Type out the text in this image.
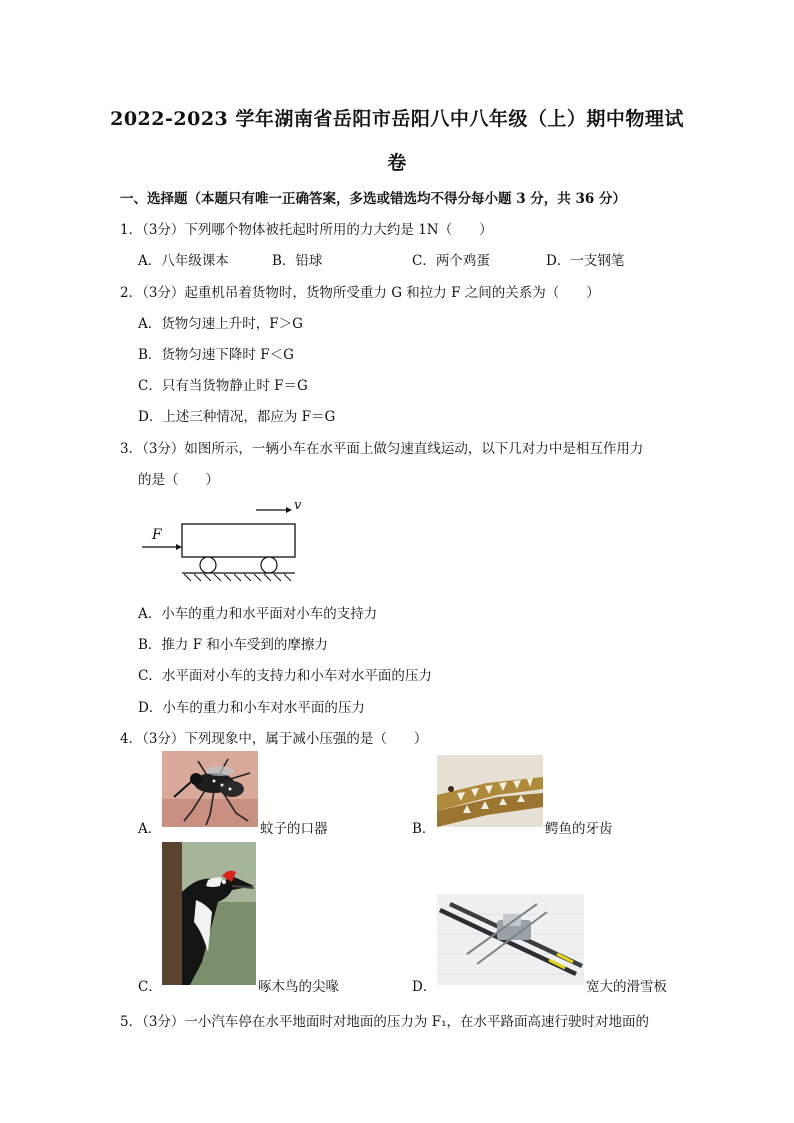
2022-2023 学年湖南省岳阳市岳阳八中八年级（上）期中物理试
卷
一、选择题（本题只有唯一正确答案，多选或错选均不得分每小题 3 分，共 36 分）
1．（3分）下列哪个物体被托起时所用的力大约是 1N（　　）
A．八年级课本	B．铅球	C．两个鸡蛋	D．一支钢笔
2．（3分）起重机吊着货物时，货物所受重力 G 和拉力 F 之间的关系为（　　）
A．货物匀速上升时，F＞G
B．货物匀速下降时 F＜G
C．只有当货物静止时 F＝G
D．上述三种情况，都应为 F＝G
3．（3分）如图所示，一辆小车在水平面上做匀速直线运动，以下几对力中是相互作用力
的是（　　）
F
v
A．小车的重力和水平面对小车的支持力
B．推力 F 和小车受到的摩擦力
C．水平面对小车的支持力和小车对水平面的压力
D．小车的重力和小车对水平面的压力
4．（3分）下列现象中，属于减小压强的是（　　）
A．	蚊子的口器	B．	鳄鱼的牙齿
C．	啄木鸟的尖喙	D．	宽大的滑雪板
5．（3分）一小汽车停在水平地面时对地面的压力为 F₁，在水平路面高速行驶时对地面的
